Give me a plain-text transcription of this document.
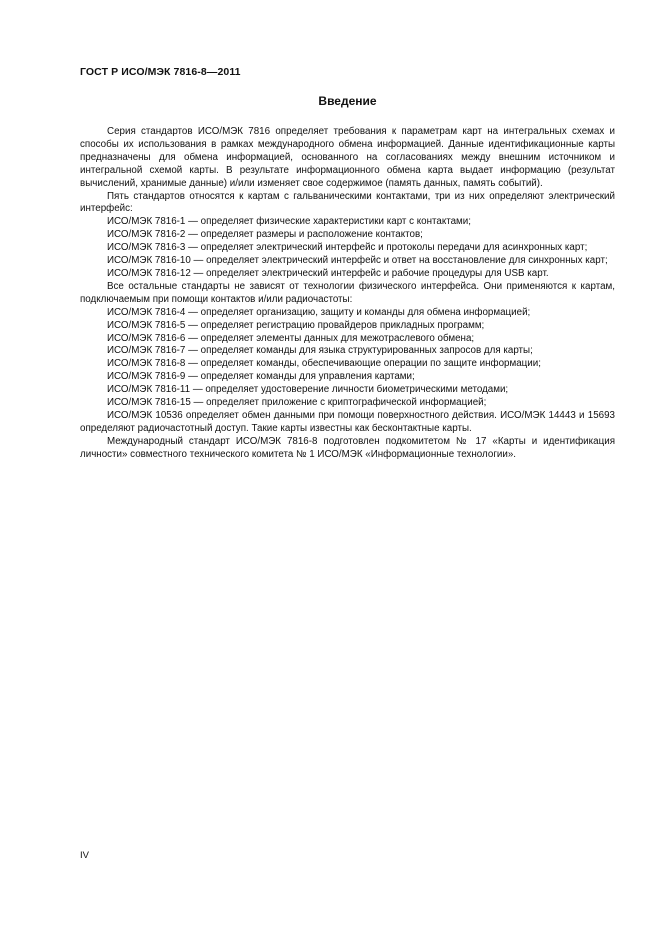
ГОСТ Р ИСО/МЭК 7816-8—2011
Введение

Серия стандартов ИСО/МЭК 7816 определяет требования к параметрам карт на интегральных схемах и способы их использования в рамках международного обмена информацией. Данные идентификационные карты предназначены для обмена информацией, основанного на согласованиях между внешним источником и интегральной схемой карты. В результате информационного обмена карта выдает информацию (результат вычислений, хранимые данные) и/или изменяет свое содержимое (память данных, память событий).

Пять стандартов относятся к картам с гальваническими контактами, три из них определяют электрический интерфейс:

ИСО/МЭК 7816-1 — определяет физические характеристики карт с контактами;

ИСО/МЭК 7816-2 — определяет размеры и расположение контактов;

ИСО/МЭК 7816-3 — определяет электрический интерфейс и протоколы передачи для асинхронных карт;

ИСО/МЭК 7816-10 — определяет электрический интерфейс и ответ на восстановление для синхронных карт;

ИСО/МЭК 7816-12 — определяет электрический интерфейс и рабочие процедуры для USB карт.

Все остальные стандарты не зависят от технологии физического интерфейса. Они применяются к картам, подключаемым при помощи контактов и/или радиочастоты:

ИСО/МЭК 7816-4 — определяет организацию, защиту и команды для обмена информацией;

ИСО/МЭК 7816-5 — определяет регистрацию провайдеров прикладных программ;

ИСО/МЭК 7816-6 — определяет элементы данных для межотраслевого обмена;

ИСО/МЭК 7816-7 — определяет команды для языка структурированных запросов для карты;

ИСО/МЭК 7816-8 — определяет команды, обеспечивающие операции по защите информации;

ИСО/МЭК 7816-9 — определяет команды для управления картами;

ИСО/МЭК 7816-11 — определяет удостоверение личности биометрическими методами;

ИСО/МЭК 7816-15 — определяет приложение с криптографической информацией;

ИСО/МЭК 10536 определяет обмен данными при помощи поверхностного действия. ИСО/МЭК 14443 и 15693 определяют радиочастотный доступ. Такие карты известны как бесконтактные карты.

Международный стандарт ИСО/МЭК 7816-8 подготовлен подкомитетом № 17 «Карты и идентификация личности» совместного технического комитета № 1 ИСО/МЭК «Информационные технологии».

IV
